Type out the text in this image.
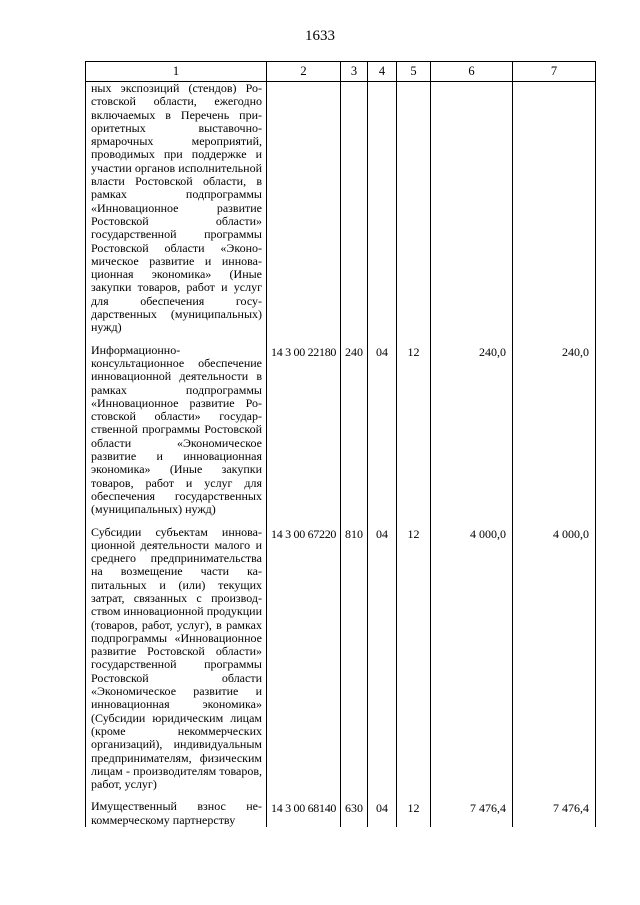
1633
1	2	3	4	5	6	7
ных экспозиций (стендов) Ростовской области, ежегодно включаемых в Перечень приоритетных выставочно-ярмарочных мероприятий, проводимых при поддержке и участии органов исполнительной власти Ростовской области, в рамках подпрограммы «Инновационное развитие Ростовской области» государственной программы Ростовской области «Экономическое развитие и инновационная экономика» (Иные закупки товаров, работ и услуг для обеспечения государственных (муниципальных) нужд)						

Информационно-консультационное обеспечение инновационной деятельности в рамках подпрограммы «Инновационное развитие Ростовской области» государственной программы Ростовской области «Экономическое развитие и инновационная экономика» (Иные закупки товаров, работ и услуг для обеспечения государственных (муниципальных) нужд)	14 3 00 22180	240	04	12	240,0	240,0

Субсидии субъектам инновационной деятельности малого и среднего предпринимательства на возмещение части капитальных и (или) текущих затрат, связанных с производством инновационной продукции (товаров, работ, услуг), в рамках подпрограммы «Инновационное развитие Ростовской области» государственной программы Ростовской области «Экономическое развитие и инновационная экономика» (Субсидии юридическим лицам (кроме некоммерческих организаций), индивидуальным предпринимателям, физическим лицам - производителям товаров, работ, услуг)	14 3 00 67220	810	04	12	4 000,0	4 000,0

Имущественный взнос некоммерческому партнерству	14 3 00 68140	630	04	12	7 476,4	7 476,4
